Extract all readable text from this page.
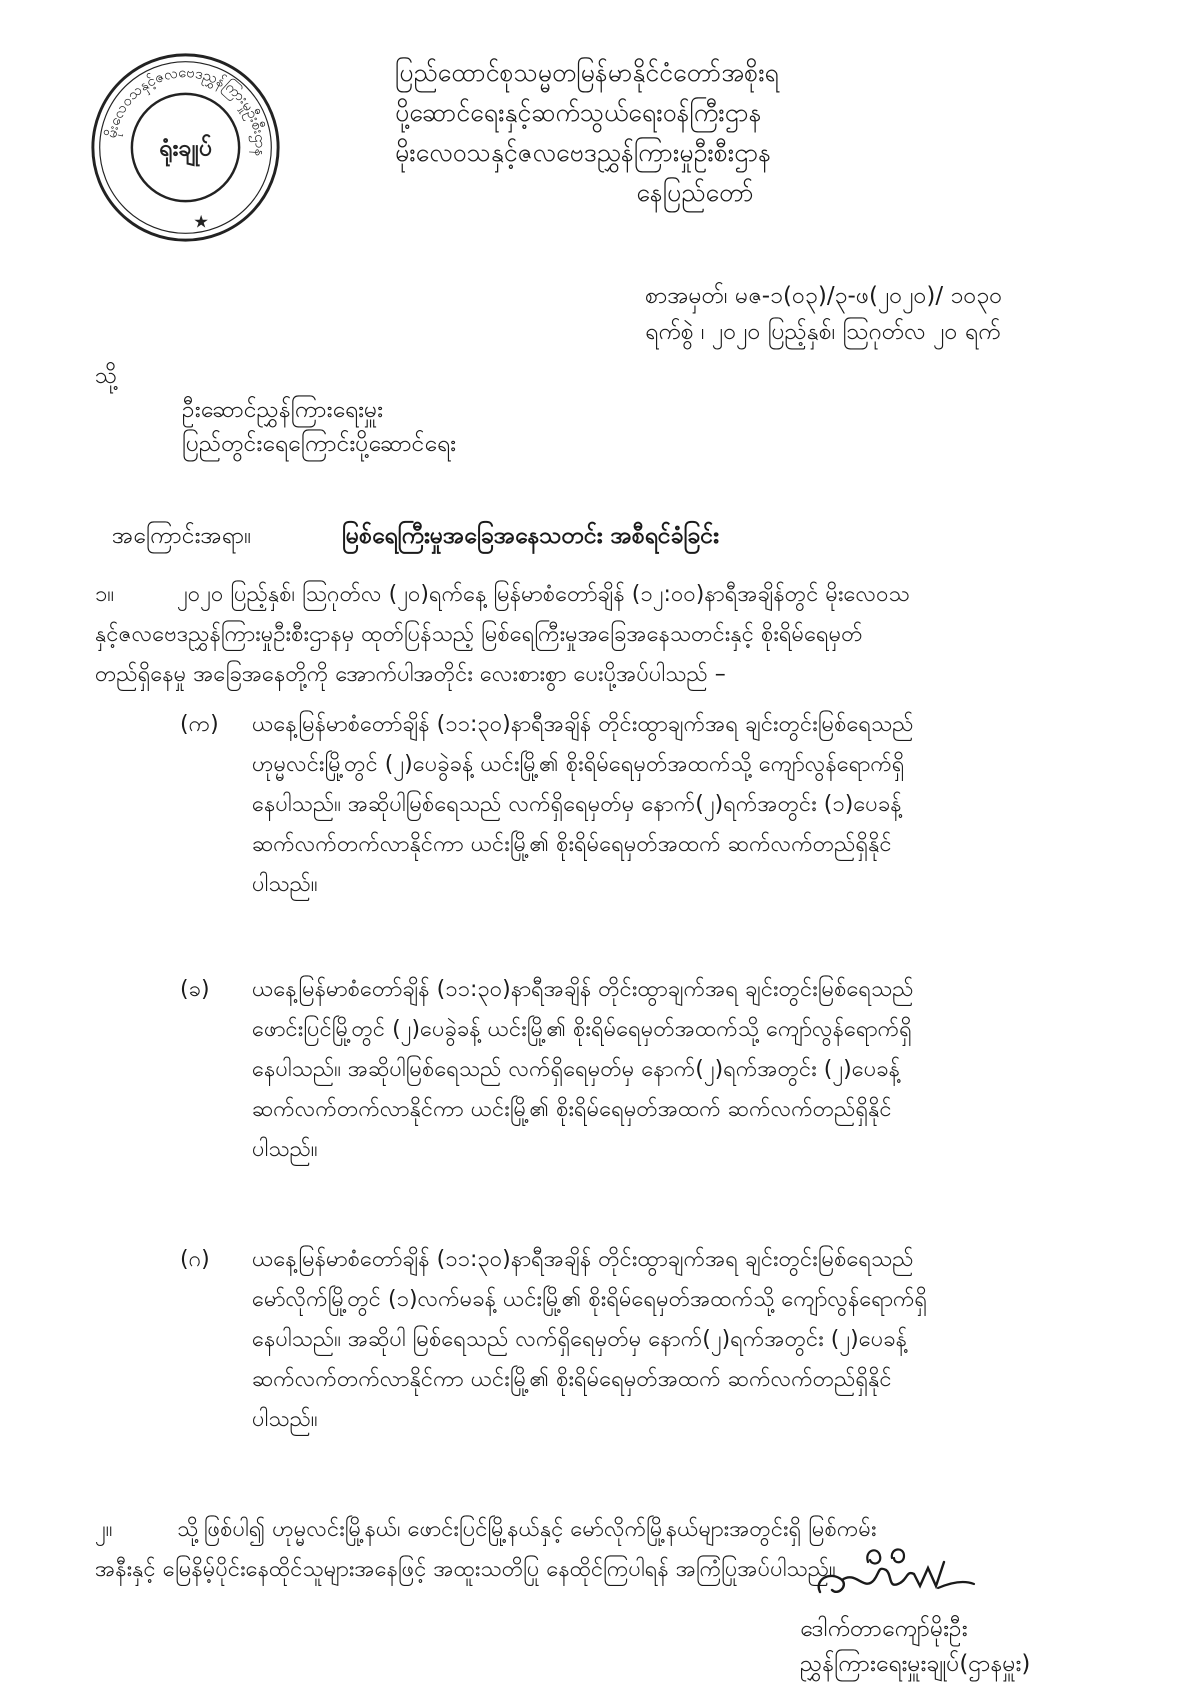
မိုးလေဝသနှင့်ဇလဗေဒညွှန်ကြားမှုဦးစီးဌာန
ရုံးချုပ်
★
ပြည်ထောင်စုသမ္မတမြန်မာနိုင်ငံတော်အစိုးရ
ပို့ဆောင်ရေးနှင့်ဆက်သွယ်ရေးဝန်ကြီးဌာန
မိုးလေဝသနှင့်ဇလဗေဒညွှန်ကြားမှုဦးစီးဌာန
နေပြည်တော်
စာအမှတ်၊ မဇ-၁(၀၃)/၃-ဖ(၂၀၂၀)/ ၁၀၃၀
ရက်စွဲ ၊ ၂၀၂၀ ပြည့်နှစ်၊ ဩဂုတ်လ ၂၀ ရက်
သို့
ဦးဆောင်ညွှန်ကြားရေးမှူး
ပြည်တွင်းရေကြောင်းပို့ဆောင်ရေး
အကြောင်းအရာ။	မြစ်ရေကြီးမှုအခြေအနေသတင်း အစီရင်ခံခြင်း
၁။	၂၀၂၀ ပြည့်နှစ်၊ ဩဂုတ်လ (၂၀)ရက်နေ့ မြန်မာစံတော်ချိန် (၁၂:၀၀)နာရီအချိန်တွင် မိုးလေဝသ
နှင့်ဇလဗေဒညွှန်ကြားမှုဦးစီးဌာနမှ ထုတ်ပြန်သည့် မြစ်ရေကြီးမှုအခြေအနေသတင်းနှင့် စိုးရိမ်ရေမှတ်
တည်ရှိနေမှု အခြေအနေတို့ကို အောက်ပါအတိုင်း လေးစားစွာ ပေးပို့အပ်ပါသည် –
(က) ယနေ့မြန်မာစံတော်ချိန် (၁၁:၃၀)နာရီအချိန် တိုင်းထွာချက်အရ ချင်းတွင်းမြစ်ရေသည်
ဟုမ္မလင်းမြို့တွင် (၂)ပေခွဲခန့် ယင်းမြို့၏ စိုးရိမ်ရေမှတ်အထက်သို့ ကျော်လွန်ရောက်ရှိ
နေပါသည်။ အဆိုပါမြစ်ရေသည် လက်ရှိရေမှတ်မှ နောက်(၂)ရက်အတွင်း (၁)ပေခန့်
ဆက်လက်တက်လာနိုင်ကာ ယင်းမြို့၏ စိုးရိမ်ရေမှတ်အထက် ဆက်လက်တည်ရှိနိုင်
ပါသည်။
(ခ) ယနေ့မြန်မာစံတော်ချိန် (၁၁:၃၀)နာရီအချိန် တိုင်းထွာချက်အရ ချင်းတွင်းမြစ်ရေသည်
ဖောင်းပြင်မြို့တွင် (၂)ပေခွဲခန့် ယင်းမြို့၏ စိုးရိမ်ရေမှတ်အထက်သို့ ကျော်လွန်ရောက်ရှိ
နေပါသည်။ အဆိုပါမြစ်ရေသည် လက်ရှိရေမှတ်မှ နောက်(၂)ရက်အတွင်း (၂)ပေခန့်
ဆက်လက်တက်လာနိုင်ကာ ယင်းမြို့၏ စိုးရိမ်ရေမှတ်အထက် ဆက်လက်တည်ရှိနိုင်
ပါသည်။
(ဂ) ယနေ့မြန်မာစံတော်ချိန် (၁၁:၃၀)နာရီအချိန် တိုင်းထွာချက်အရ ချင်းတွင်းမြစ်ရေသည်
မော်လိုက်မြို့တွင် (၁)လက်မခန့် ယင်းမြို့၏ စိုးရိမ်ရေမှတ်အထက်သို့ ကျော်လွန်ရောက်ရှိ
နေပါသည်။ အဆိုပါ မြစ်ရေသည် လက်ရှိရေမှတ်မှ နောက်(၂)ရက်အတွင်း (၂)ပေခန့်
ဆက်လက်တက်လာနိုင်ကာ ယင်းမြို့၏ စိုးရိမ်ရေမှတ်အထက် ဆက်လက်တည်ရှိနိုင်
ပါသည်။
၂။	သို့ဖြစ်ပါ၍ ဟုမ္မလင်းမြို့နယ်၊ ဖောင်းပြင်မြို့နယ်နှင့် မော်လိုက်မြို့နယ်များအတွင်းရှိ မြစ်ကမ်း
အနီးနှင့် မြေနိမ့်ပိုင်းနေထိုင်သူများအနေဖြင့် အထူးသတိပြု နေထိုင်ကြပါရန် အကြံပြုအပ်ပါသည်။
ဒေါက်တာကျော်မိုးဦး
ညွှန်ကြားရေးမှူးချုပ်(ဌာနမှူး)
